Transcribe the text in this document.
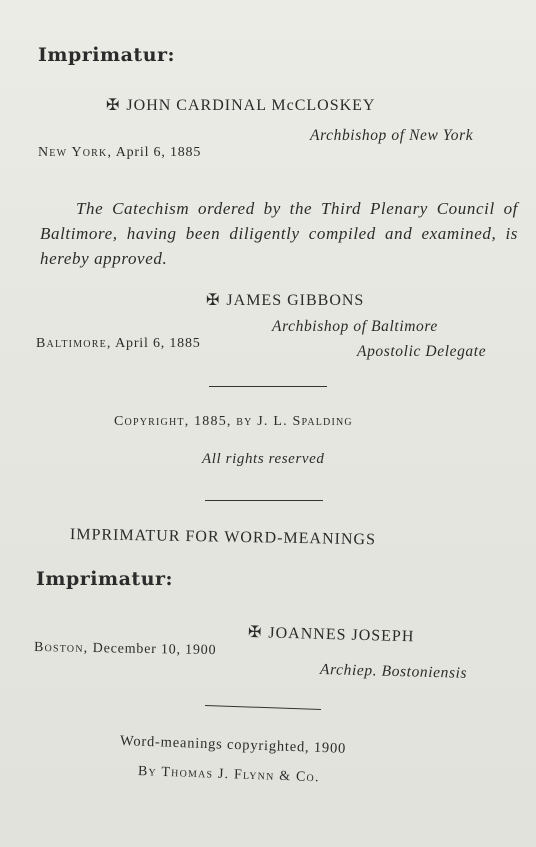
Imprimatur:
✠ JOHN CARDINAL McCLOSKEY
Archbishop of New York
New York, April 6, 1885
The Catechism ordered by the Third Plenary Council of Baltimore, having been diligently compiled and examined, is hereby approved.
✠ JAMES GIBBONS
Archbishop of Baltimore
Baltimore, April 6, 1885	Apostolic Delegate
Copyright, 1885, by J. L. Spalding
All rights reserved
IMPRIMATUR FOR WORD-MEANINGS
Imprimatur:
✠ JOANNES JOSEPH
Boston, December 10, 1900
Archiep. Bostoniensis
Word-meanings copyrighted, 1900
By Thomas J. Flynn & Co.
